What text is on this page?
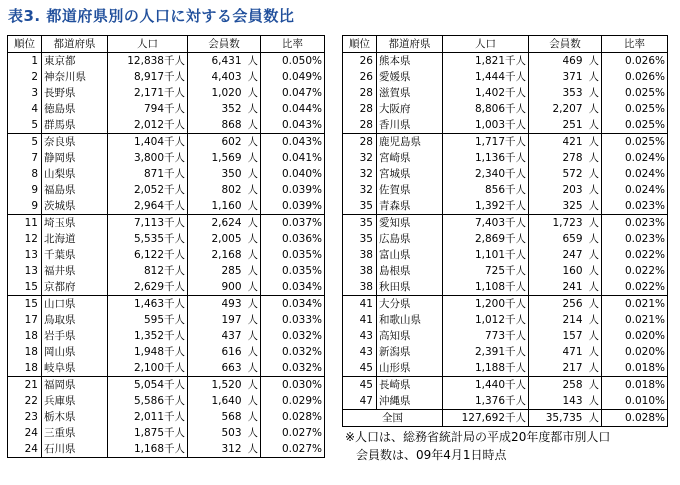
表3. 都道府県別の人口に対する会員数比
順位	都道府県	人口	会員数	比率
1	東京都	12,838千人	6,431 人	0.050%
2	神奈川県	8,917千人	4,403 人	0.049%
3	長野県	2,171千人	1,020 人	0.047%
4	徳島県	794千人	352 人	0.044%
5	群馬県	2,012千人	868 人	0.043%
5	奈良県	1,404千人	602 人	0.043%
7	静岡県	3,800千人	1,569 人	0.041%
8	山梨県	871千人	350 人	0.040%
9	福島県	2,052千人	802 人	0.039%
9	茨城県	2,964千人	1,160 人	0.039%
11	埼玉県	7,113千人	2,624 人	0.037%
12	北海道	5,535千人	2,005 人	0.036%
13	千葉県	6,122千人	2,168 人	0.035%
13	福井県	812千人	285 人	0.035%
15	京都府	2,629千人	900 人	0.034%
15	山口県	1,463千人	493 人	0.034%
17	鳥取県	595千人	197 人	0.033%
18	岩手県	1,352千人	437 人	0.032%
18	岡山県	1,948千人	616 人	0.032%
18	岐阜県	2,100千人	663 人	0.032%
21	福岡県	5,054千人	1,520 人	0.030%
22	兵庫県	5,586千人	1,640 人	0.029%
23	栃木県	2,011千人	568 人	0.028%
24	三重県	1,875千人	503 人	0.027%
24	石川県	1,168千人	312 人	0.027%
順位	都道府県	人口	会員数	比率
26	熊本県	1,821千人	469 人	0.026%
26	愛媛県	1,444千人	371 人	0.026%
28	滋賀県	1,402千人	353 人	0.025%
28	大阪府	8,806千人	2,207 人	0.025%
28	香川県	1,003千人	251 人	0.025%
28	鹿児島県	1,717千人	421 人	0.025%
32	宮崎県	1,136千人	278 人	0.024%
32	宮城県	2,340千人	572 人	0.024%
32	佐賀県	856千人	203 人	0.024%
35	青森県	1,392千人	325 人	0.023%
35	愛知県	7,403千人	1,723 人	0.023%
35	広島県	2,869千人	659 人	0.023%
38	富山県	1,101千人	247 人	0.022%
38	島根県	725千人	160 人	0.022%
38	秋田県	1,108千人	241 人	0.022%
41	大分県	1,200千人	256 人	0.021%
41	和歌山県	1,012千人	214 人	0.021%
43	高知県	773千人	157 人	0.020%
43	新潟県	2,391千人	471 人	0.020%
45	山形県	1,188千人	217 人	0.018%
45	長崎県	1,440千人	258 人	0.018%
47	沖縄県	1,376千人	143 人	0.010%
全国		127,692千人	35,735 人	0.028%
※人口は、総務省統計局の平成20年度都市別人口
会員数は、09年4月1日時点
